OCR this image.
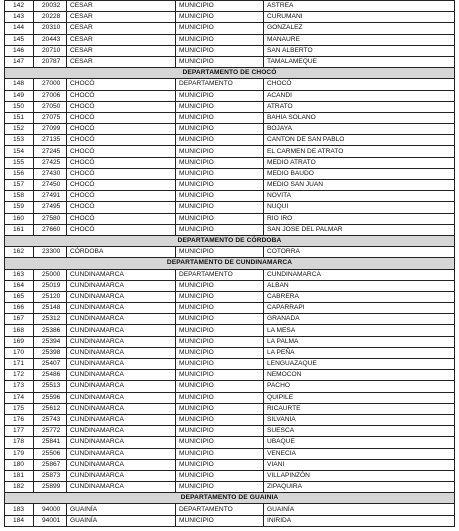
142	20032	CESAR	MUNICIPIO	ASTREA
143	20228	CESAR	MUNICIPIO	CURUMANI
144	20310	CESAR	MUNICIPIO	GONZALEZ
145	20443	CESAR	MUNICIPIO	MANAURE
146	20710	CESAR	MUNICIPIO	SAN ALBERTO
147	20787	CESAR	MUNICIPIO	TAMALAMEQUE
DEPARTAMENTO DE CHOCÓ				
148	27000	CHOCÓ	DEPARTAMENTO	CHOCÓ
149	27006	CHOCÓ	MUNICIPIO	ACANDI
150	27050	CHOCÓ	MUNICIPIO	ATRATO
151	27075	CHOCÓ	MUNICIPIO	BAHIA SOLANO
152	27099	CHOCÓ	MUNICIPIO	BOJAYA
153	27135	CHOCÓ	MUNICIPIO	CANTON DE SAN PABLO
154	27245	CHOCÓ	MUNICIPIO	EL CARMEN DE ATRATO
155	27425	CHOCÓ	MUNICIPIO	MEDIO ATRATO
156	27430	CHOCÓ	MUNICIPIO	MEDIO BAUDO
157	27450	CHOCÓ	MUNICIPIO	MEDIO SAN JUAN
158	27491	CHOCÓ	MUNICIPIO	NOVITA
159	27495	CHOCÓ	MUNICIPIO	NUQUI
160	27580	CHOCÓ	MUNICIPIO	RIO IRO
161	27660	CHOCÓ	MUNICIPIO	SAN JOSE DEL PALMAR
DEPARTAMENTO DE CÓRDOBA				
162	23300	CÓRDOBA	MUNICIPIO	COTORRA
DEPARTAMENTO DE CUNDINAMARCA				
163	25000	CUNDINAMARCA	DEPARTAMENTO	CUNDINAMARCA
164	25019	CUNDINAMARCA	MUNICIPIO	ALBAN
165	25120	CUNDINAMARCA	MUNICIPIO	CABRERA
166	25148	CUNDINAMARCA	MUNICIPIO	CAPARRAPI
167	25312	CUNDINAMARCA	MUNICIPIO	GRANADA
168	25386	CUNDINAMARCA	MUNICIPIO	LA MESA
169	25394	CUNDINAMARCA	MUNICIPIO	LA PALMA
170	25398	CUNDINAMARCA	MUNICIPIO	LA PEÑA
171	25407	CUNDINAMARCA	MUNICIPIO	LENGUAZAQUE
172	25486	CUNDINAMARCA	MUNICIPIO	NEMOCON
173	25513	CUNDINAMARCA	MUNICIPIO	PACHO
174	25596	CUNDINAMARCA	MUNICIPIO	QUIPILE
175	25612	CUNDINAMARCA	MUNICIPIO	RICAURTE
176	25743	CUNDINAMARCA	MUNICIPIO	SILVANIA
177	25772	CUNDINAMARCA	MUNICIPIO	SUESCA
178	25841	CUNDINAMARCA	MUNICIPIO	UBAQUE
179	25506	CUNDINAMARCA	MUNICIPIO	VENECIA
180	25867	CUNDINAMARCA	MUNICIPIO	VIANI
181	25873	CUNDINAMARCA	MUNICIPIO	VILLAPINZÓN
182	25899	CUNDINAMARCA	MUNICIPIO	ZIPAQUIRA
DEPARTAMENTO DE GUAINIA				
183	94000	GUAINÍA	DEPARTAMENTO	GUAINÍA
184	94001	GUAINÍA	MUNICIPIO	INIRIDA
